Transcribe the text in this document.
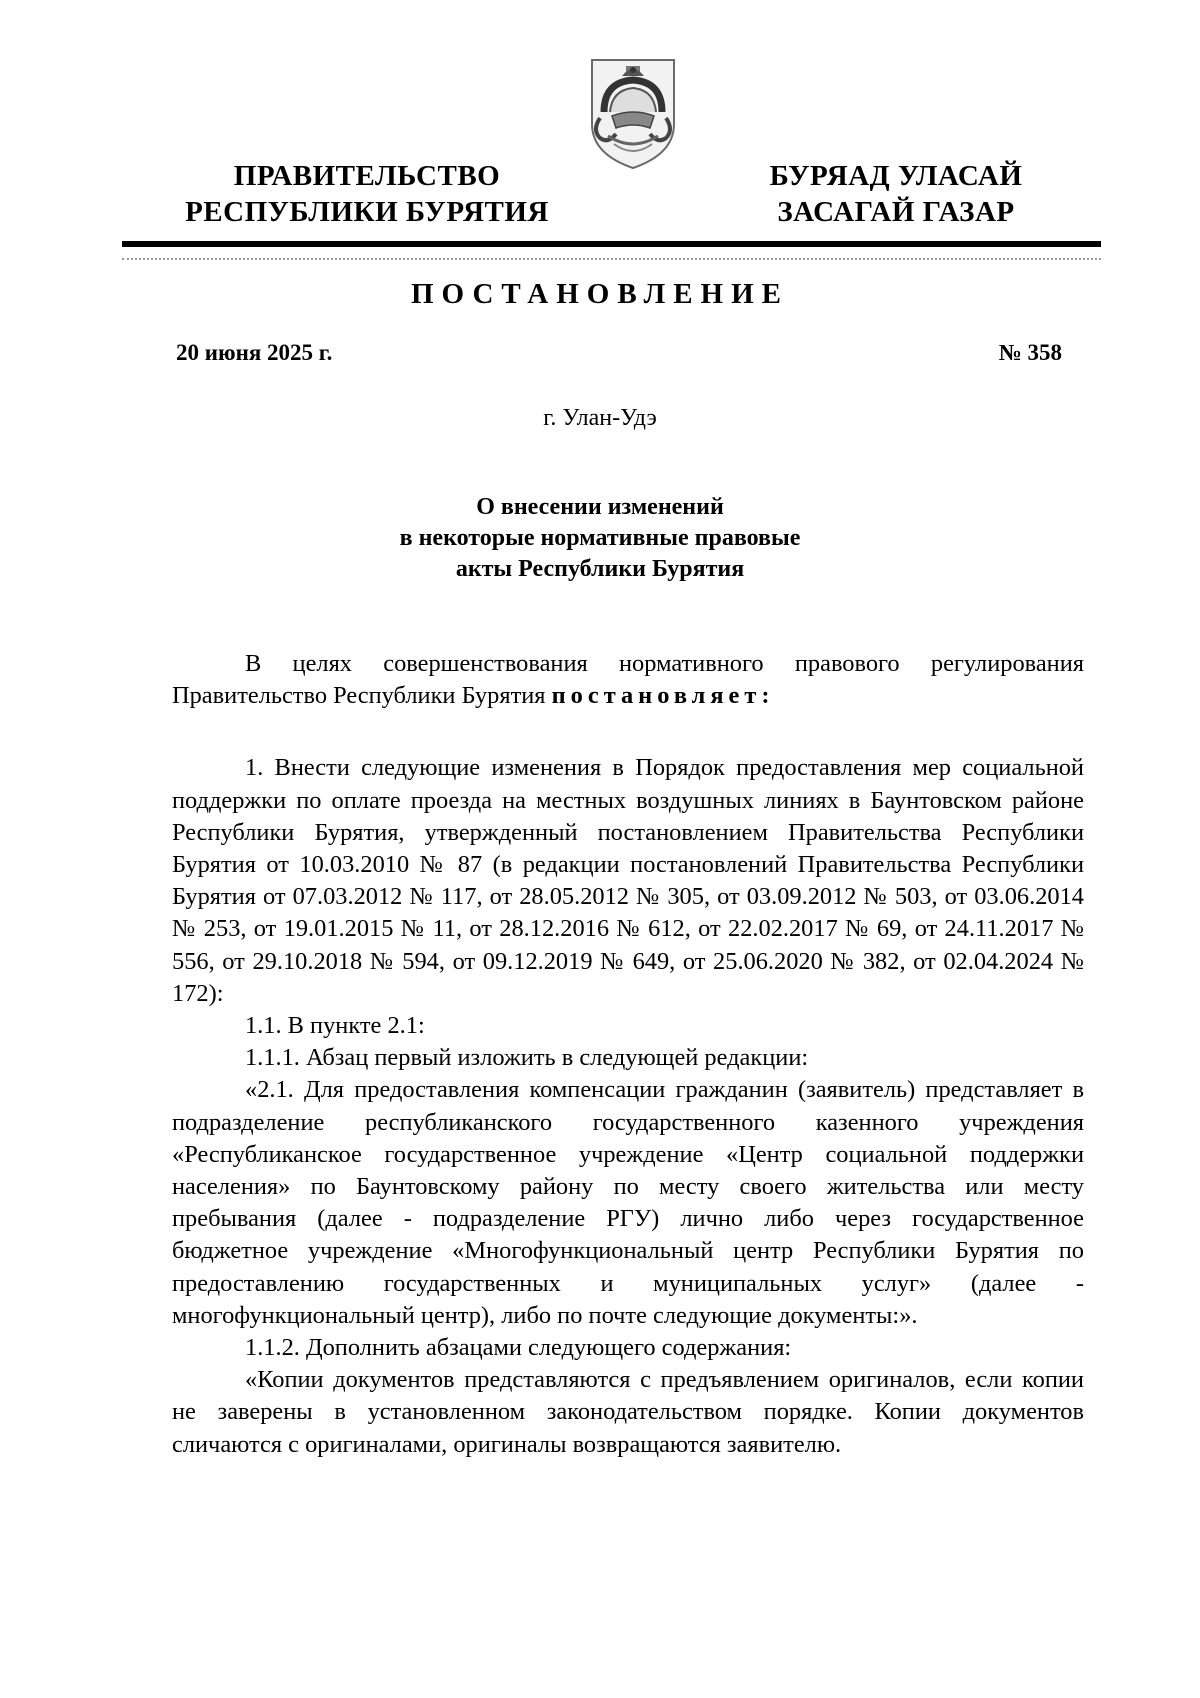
ПРАВИТЕЛЬСТВО
РЕСПУБЛИКИ БУРЯТИЯ
БУРЯАД УЛАСАЙ
ЗАСАГАЙ ГАЗАР
ПОСТАНОВЛЕНИЕ
20 июня 2025 г.	№ 358
г. Улан-Удэ
О внесении изменений
в некоторые нормативные правовые
акты Республики Бурятия

В целях совершенствования нормативного правового регулирования Правительство Республики Бурятия постановляет:

1. Внести следующие изменения в Порядок предоставления мер социальной поддержки по оплате проезда на местных воздушных линиях в Баунтовском районе Республики Бурятия, утвержденный постановлением Правительства Республики Бурятия от 10.03.2010 № 87 (в редакции постановлений Правительства Республики Бурятия от 07.03.2012 № 117, от 28.05.2012 № 305, от 03.09.2012 № 503, от 03.06.2014 № 253, от 19.01.2015 № 11, от 28.12.2016 № 612, от 22.02.2017 № 69, от 24.11.2017 № 556, от 29.10.2018 № 594, от 09.12.2019 № 649, от 25.06.2020 № 382, от 02.04.2024 № 172):

1.1. В пункте 2.1:

1.1.1. Абзац первый изложить в следующей редакции:

«2.1. Для предоставления компенсации гражданин (заявитель) представляет в подразделение республиканского государственного казенного учреждения «Республиканское государственное учреждение «Центр социальной поддержки населения» по Баунтовскому району по месту своего жительства или месту пребывания (далее - подразделение РГУ) лично либо через государственное бюджетное учреждение «Многофункциональный центр Республики Бурятия по предоставлению государственных и муниципальных услуг» (далее - многофункциональный центр), либо по почте следующие документы:».

1.1.2. Дополнить абзацами следующего содержания:

«Копии документов представляются с предъявлением оригиналов, если копии не заверены в установленном законодательством порядке. Копии документов сличаются с оригиналами, оригиналы возвращаются заявителю.
